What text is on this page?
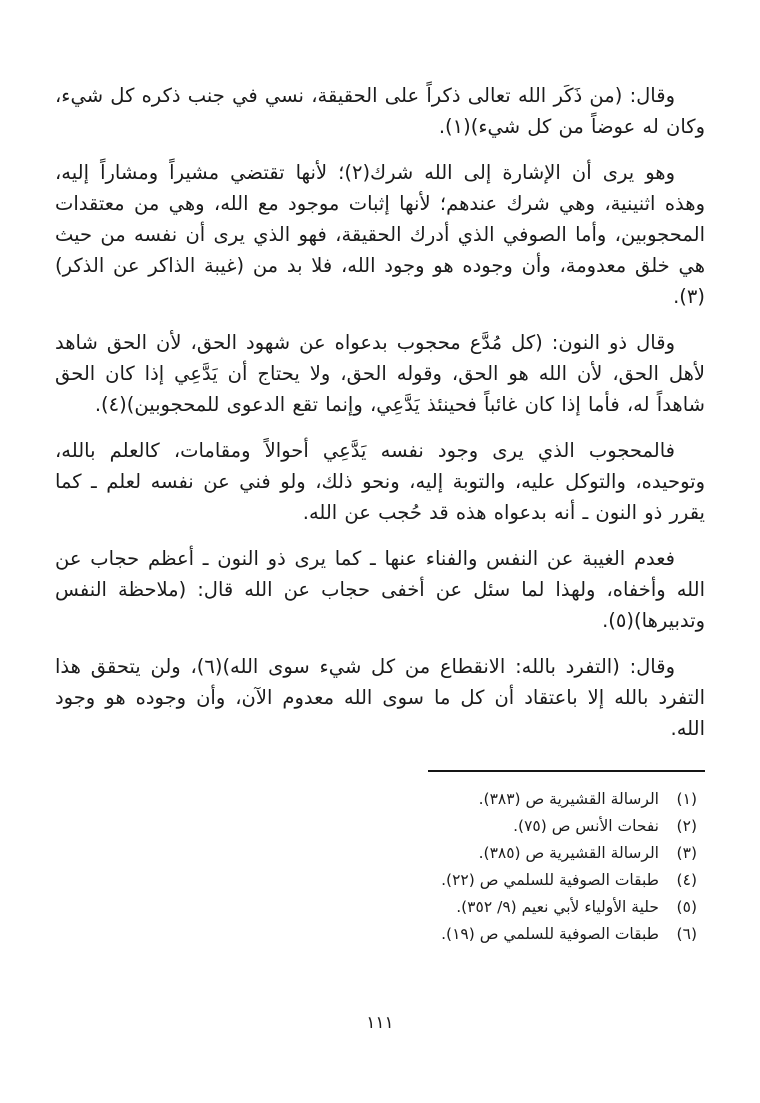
وقال: (من ذَكَر الله تعالى ذكراً على الحقيقة، نسي في جنب ذكره كل شيء، وكان له عوضاً من كل شيء)(١).

وهو يرى أن الإشارة إلى الله شرك(٢)؛ لأنها تقتضي مشيراً ومشاراً إليه، وهذه اثنينية، وهي شرك عندهم؛ لأنها إثبات موجود مع الله، وهي من معتقدات المحجوبين، وأما الصوفي الذي أدرك الحقيقة، فهو الذي يرى أن نفسه من حيث هي خلق معدومة، وأن وجوده هو وجود الله، فلا بد من (غيبة الذاكر عن الذكر)(٣).

وقال ذو النون: (كل مُدَّع محجوب بدعواه عن شهود الحق، لأن الحق شاهد لأهل الحق، لأن الله هو الحق، وقوله الحق، ولا يحتاج أن يَدَّعِي إذا كان الحق شاهداً له، فأما إذا كان غائباً فحينئذ يَدَّعِي، وإنما تقع الدعوى للمحجوبين)(٤).

فالمحجوب الذي يرى وجود نفسه يَدَّعِي أحوالاً ومقامات، كالعلم بالله، وتوحيده، والتوكل عليه، والتوبة إليه، ونحو ذلك، ولو فني عن نفسه لعلم ـ كما يقرر ذو النون ـ أنه بدعواه هذه قد حُجب عن الله.

فعدم الغيبة عن النفس والفناء عنها ـ كما يرى ذو النون ـ أعظم حجاب عن الله وأخفاه، ولهذا لما سئل عن أخفى حجاب عن الله قال: (ملاحظة النفس وتدبيرها)(٥).

وقال: (التفرد بالله: الانقطاع من كل شيء سوى الله)(٦)، ولن يتحقق هذا التفرد بالله إلا باعتقاد أن كل ما سوى الله معدوم الآن، وأن وجوده هو وجود الله.

(١)
الرسالة القشيرية ص (٣٨٣).
(٢)
نفحات الأنس ص (٧٥).
(٣)
الرسالة القشيرية ص (٣٨٥).
(٤)
طبقات الصوفية للسلمي ص (٢٢).
(٥)
حلية الأولياء لأبي نعيم (٩/ ٣٥٢).
(٦)
طبقات الصوفية للسلمي ص (١٩).
١١١
